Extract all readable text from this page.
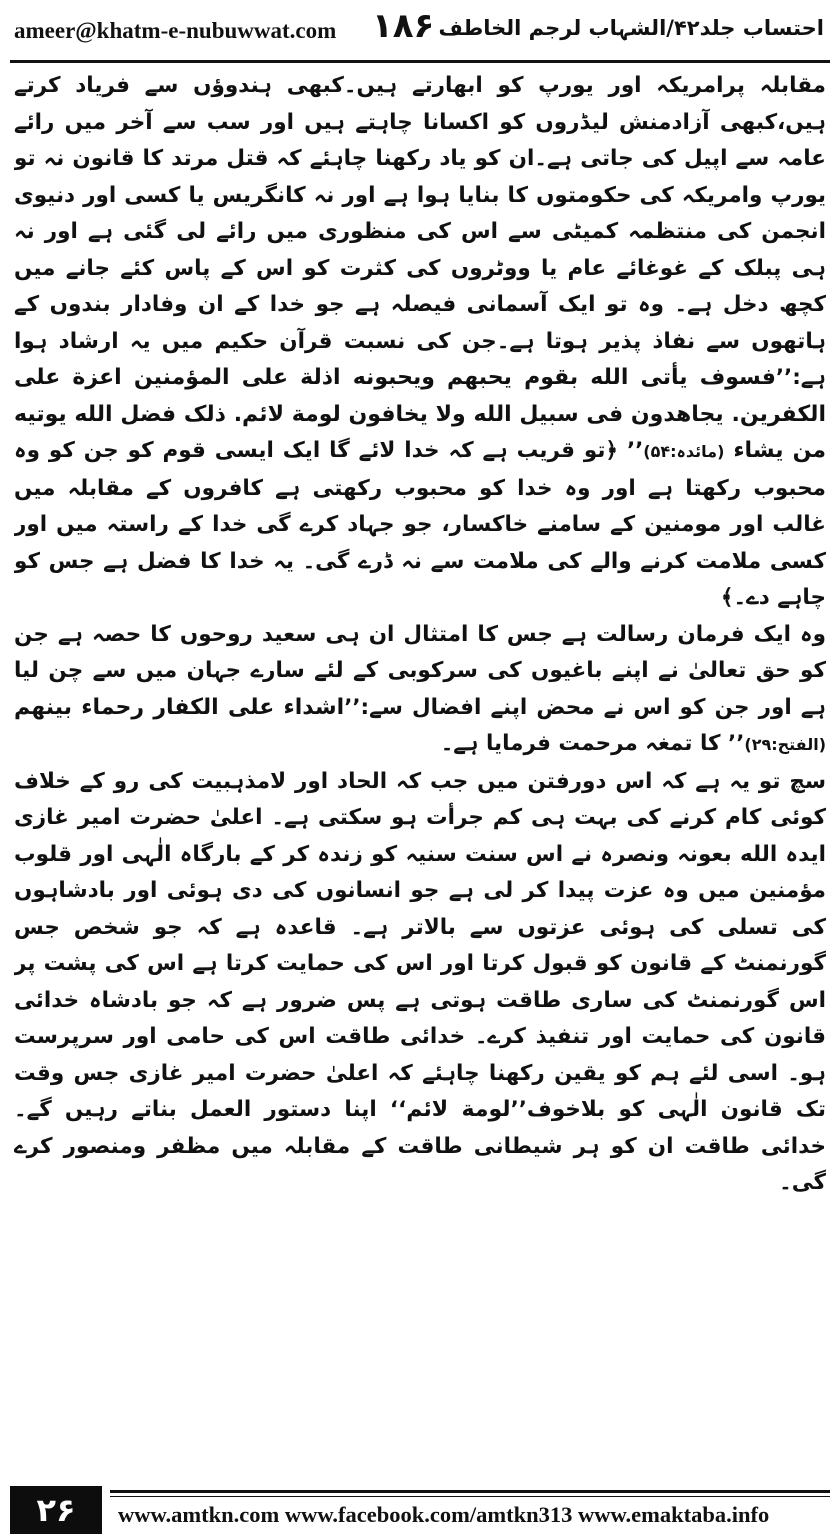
ameer@khatm-e-nubuwwat.com ۱۸۶ احتساب جلد۴۲/الشہاب لرجم الخاطف

مقابلہ پرامریکہ اور یورپ کو ابھارتے ہیں۔کبھی ہندوؤں سے فریاد کرتے ہیں،کبھی آزادمنش لیڈروں کو اکسانا چاہتے ہیں اور سب سے آخر میں رائے عامہ سے اپیل کی جاتی ہے۔ان کو یاد رکھنا چاہئے کہ قتل مرتد کا قانون نہ تو یورپ وامریکہ کی حکومتوں کا بنایا ہوا ہے اور نہ کانگریس یا کسی اور دنیوی انجمن کی منتظمہ کمیٹی سے اس کی منظوری میں رائے لی گئی ہے اور نہ ہی پبلک کے غوغائے عام یا ووٹروں کی کثرت کو اس کے پاس کئے جانے میں کچھ دخل ہے۔ وہ تو ایک آسمانی فیصلہ ہے جو خدا کے ان وفادار بندوں کے ہاتھوں سے نفاذ پذیر ہوتا ہے۔جن کی نسبت قرآن حکیم میں یہ ارشاد ہوا ہے:’’فسوف یأتی الله بقوم یحبهم ویحبونه اذلة علی المؤمنین اعزة علی الکفرین. یجاهدون فی سبیل الله ولا یخافون لومة لائم. ذلک فضل الله یوتیه من یشاء (مائدہ:۵۴)’’ ﴿تو قریب ہے کہ خدا لائے گا ایک ایسی قوم کو جن کو وہ محبوب رکھتا ہے اور وہ خدا کو محبوب رکھتی ہے کافروں کے مقابلہ میں غالب اور مومنین کے سامنے خاکسار، جو جہاد کرے گی خدا کے راستہ میں اور کسی ملامت کرنے والے کی ملامت سے نہ ڈرے گی۔ یہ خدا کا فضل ہے جس کو چاہے دے۔﴾

وہ ایک فرمان رسالت ہے جس کا امتثال ان ہی سعید روحوں کا حصہ ہے جن کو حق تعالیٰ نے اپنے باغیوں کی سرکوبی کے لئے سارے جہان میں سے چن لیا ہے اور جن کو اس نے محض اپنے افضال سے:’’اشداء علی الکفار رحماء بینهم (الفتح:۲۹)’’ کا تمغہ مرحمت فرمایا ہے۔

سچ تو یہ ہے کہ اس دورفتن میں جب کہ الحاد اور لامذہبیت کی رو کے خلاف کوئی کام کرنے کی بہت ہی کم جرأت ہو سکتی ہے۔ اعلیٰ حضرت امیر غازی ایدہ الله بعونہ ونصرہ نے اس سنت سنیہ کو زندہ کر کے بارگاہ الٰہی اور قلوب مؤمنین میں وہ عزت پیدا کر لی ہے جو انسانوں کی دی ہوئی اور بادشاہوں کی تسلی کی ہوئی عزتوں سے بالاتر ہے۔ قاعدہ ہے کہ جو شخص جس گورنمنٹ کے قانون کو قبول کرتا اور اس کی حمایت کرتا ہے اس کی پشت پر اس گورنمنٹ کی ساری طاقت ہوتی ہے پس ضرور ہے کہ جو بادشاہ خدائی قانون کی حمایت اور تنفیذ کرے۔ خدائی طاقت اس کی حامی اور سرپرست ہو۔ اسی لئے ہم کو یقین رکھنا چاہئے کہ اعلیٰ حضرت امیر غازی جس وقت تک قانون الٰہی کو بلاخوف’’لومة لائم‘‘ اپنا دستور العمل بناتے رہیں گے۔ خدائی طاقت ان کو ہر شیطانی طاقت کے مقابلہ میں مظفر ومنصور کرے گی۔

۲۶	www.amtkn.com www.facebook.com/amtkn313 www.emaktaba.info
